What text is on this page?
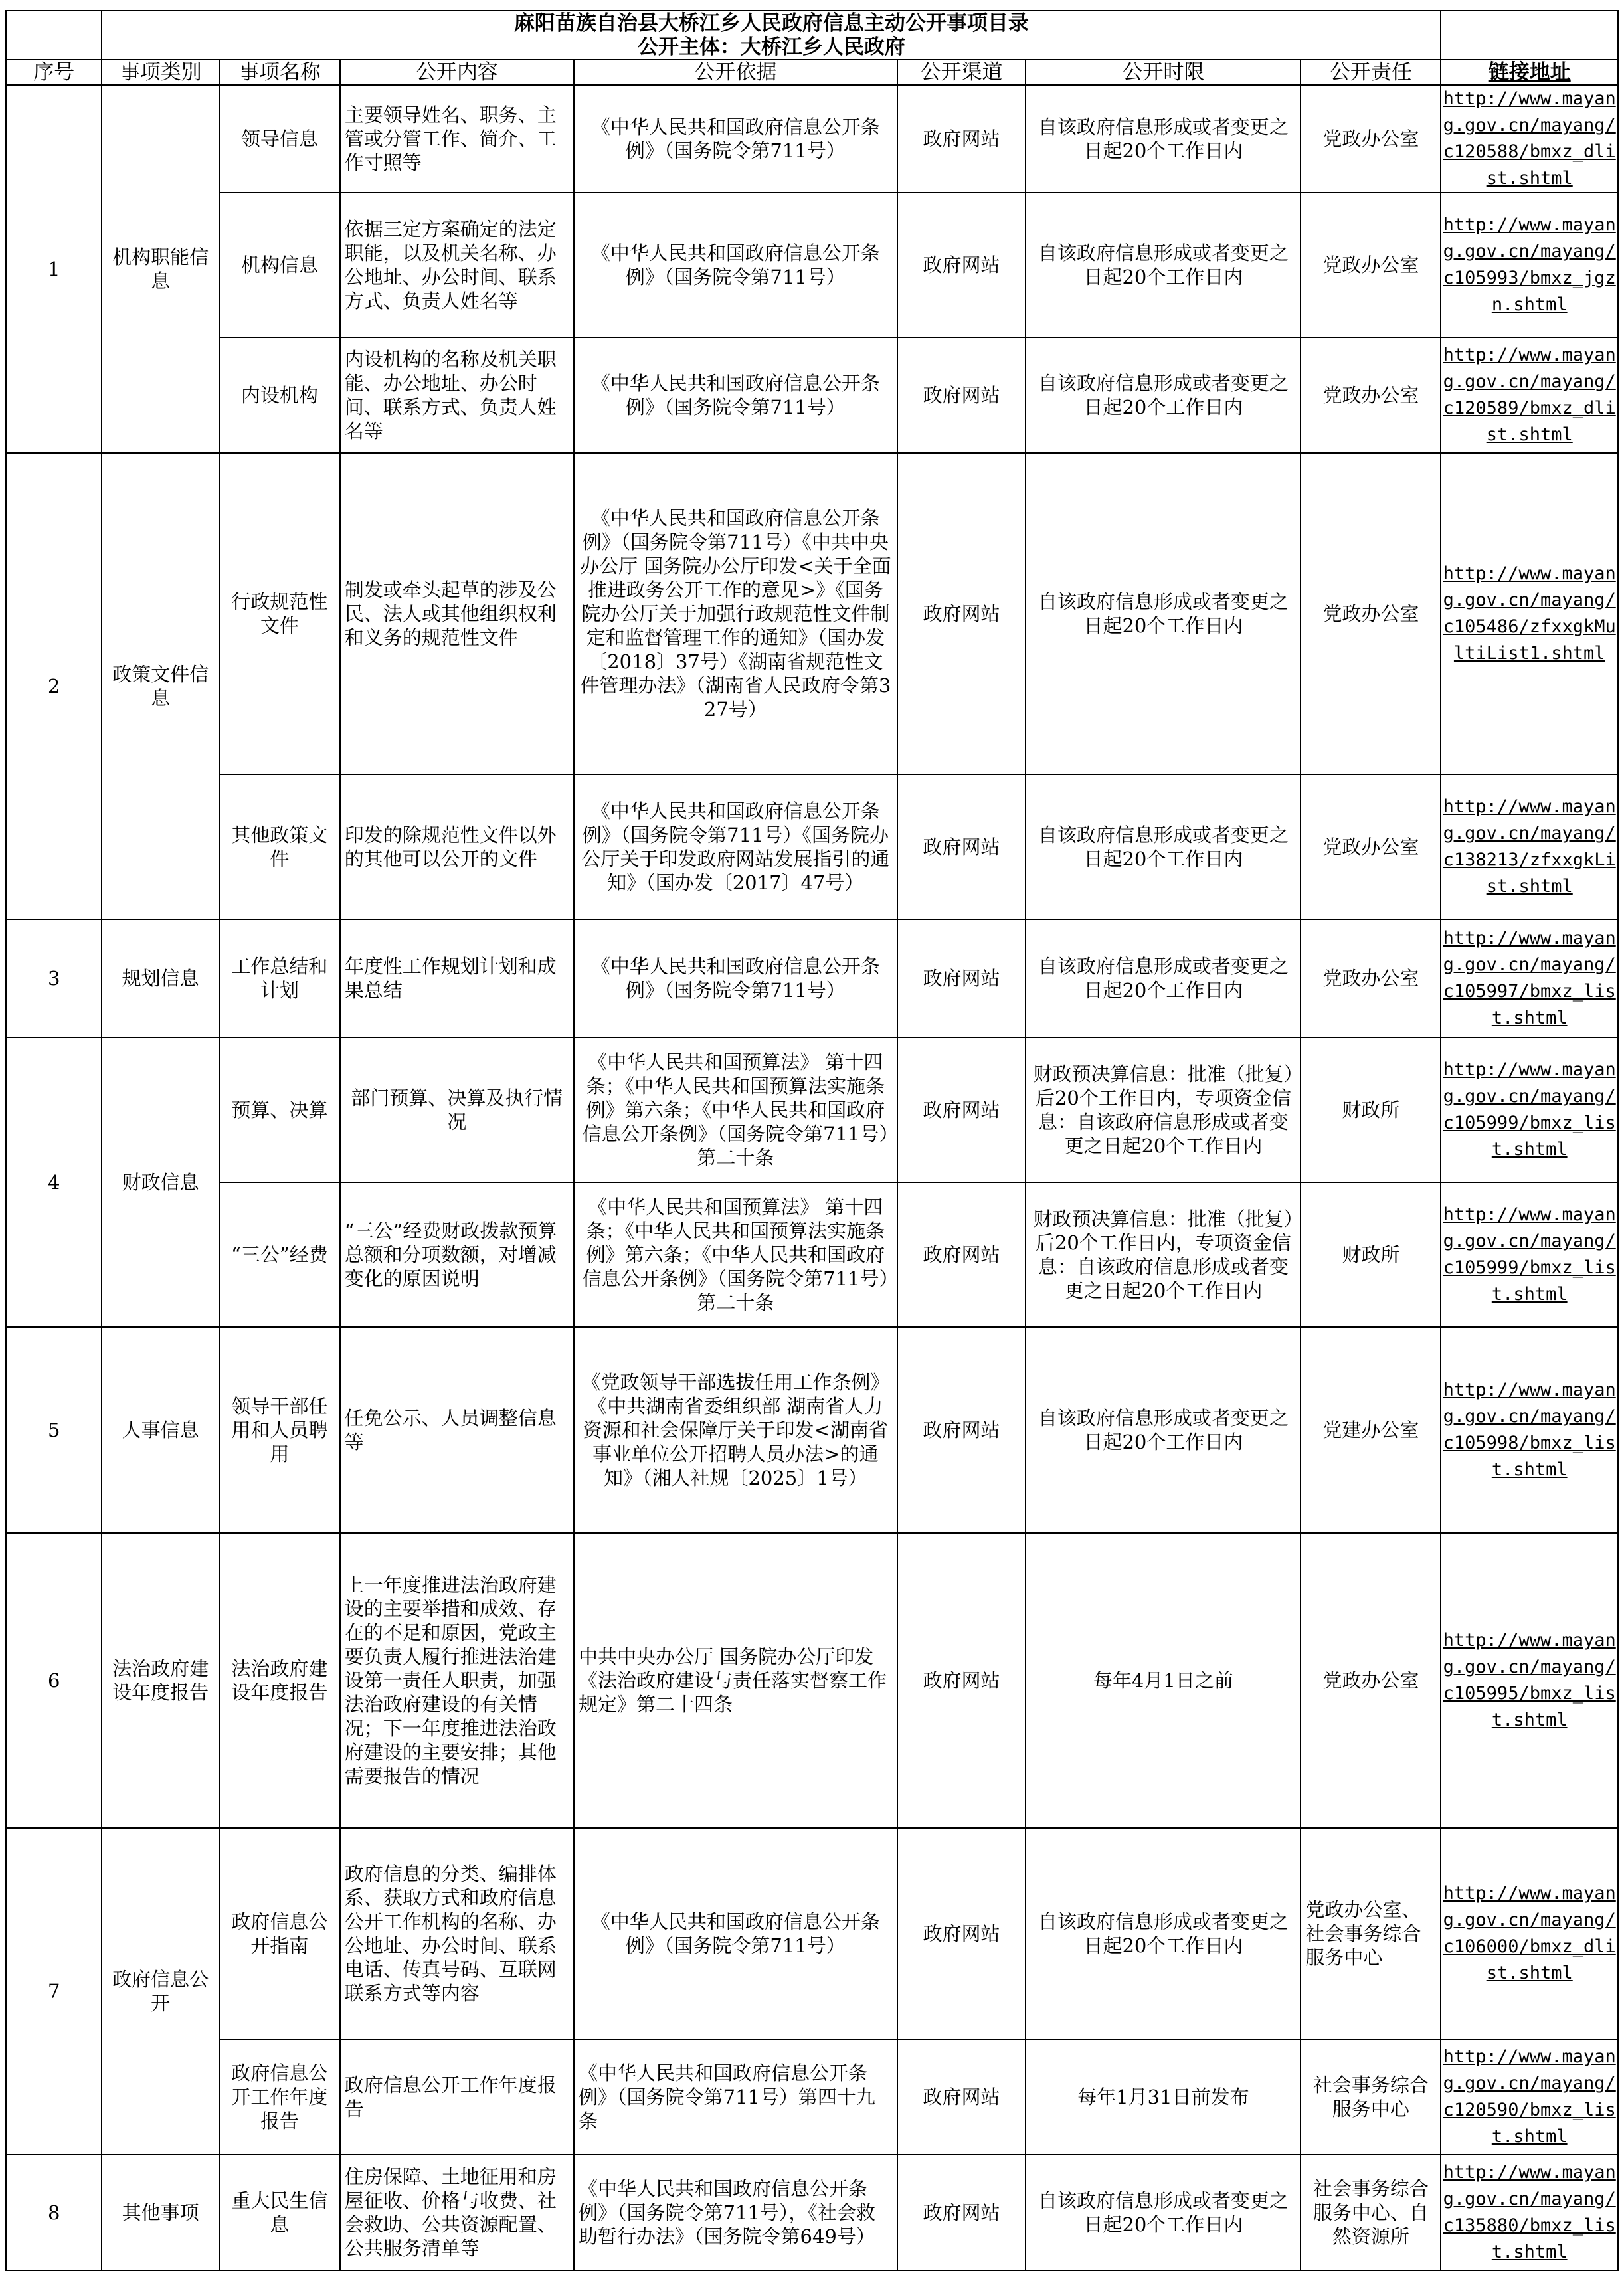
	麻阳苗族自治县大桥江乡人民政府信息主动公开事项目录							
	公开主体：大桥江乡人民政府							
序号	事项类别	事项名称	公开内容	公开依据	公开渠道	公开时限	公开责任	链接地址
1	机构职能信息	领导信息	主要领导姓名、职务、主管或分管工作、简介、工作寸照等	《中华人民共和国政府信息公开条例》（国务院令第711号）	政府网站	自该政府信息形成或者变更之日起20个工作日内	党政办公室	http://www.mayang.gov.cn/mayang/c120588/bmxz_dlist.shtml
		机构信息	依据三定方案确定的法定职能，以及机关名称、办公地址、办公时间、联系方式、负责人姓名等	《中华人民共和国政府信息公开条例》（国务院令第711号）	政府网站	自该政府信息形成或者变更之日起20个工作日内	党政办公室	http://www.mayang.gov.cn/mayang/c105993/bmxz_jgzn.shtml
		内设机构	内设机构的名称及机关职能、办公地址、办公时间、联系方式、负责人姓名等	《中华人民共和国政府信息公开条例》（国务院令第711号）	政府网站	自该政府信息形成或者变更之日起20个工作日内	党政办公室	http://www.mayang.gov.cn/mayang/c120589/bmxz_dlist.shtml
2	政策文件信息	行政规范性文件	制发或牵头起草的涉及公民、法人或其他组织权利和义务的规范性文件	《中华人民共和国政府信息公开条例》（国务院令第711号）《中共中央办公厅 国务院办公厅印发<关于全面推进政务公开工作的意见>》《国务院办公厅关于加强行政规范性文件制定和监督管理工作的通知》（国办发〔2018〕37号）《湖南省规范性文件管理办法》（湖南省人民政府令第327号）	政府网站	自该政府信息形成或者变更之日起20个工作日内	党政办公室	http://www.mayang.gov.cn/mayang/c105486/zfxxgkMultiList1.shtml
		其他政策文件	印发的除规范性文件以外的其他可以公开的文件	《中华人民共和国政府信息公开条例》（国务院令第711号）《国务院办公厅关于印发政府网站发展指引的通知》（国办发〔2017〕47号）	政府网站	自该政府信息形成或者变更之日起20个工作日内	党政办公室	http://www.mayang.gov.cn/mayang/c138213/zfxxgkList.shtml
3	规划信息	工作总结和计划	年度性工作规划计划和成果总结	《中华人民共和国政府信息公开条例》（国务院令第711号）	政府网站	自该政府信息形成或者变更之日起20个工作日内	党政办公室	http://www.mayang.gov.cn/mayang/c105997/bmxz_list.shtml
4	财政信息	预算、决算	部门预算、决算及执行情况	《中华人民共和国预算法》 第十四条；《中华人民共和国预算法实施条例》第六条；《中华人民共和国政府信息公开条例》（国务院令第711号）第二十条	政府网站	财政预决算信息：批准（批复）后20个工作日内，专项资金信息：自该政府信息形成或者变更之日起20个工作日内	财政所	http://www.mayang.gov.cn/mayang/c105999/bmxz_list.shtml
		“三公”经费	“三公”经费财政拨款预算总额和分项数额，对增减变化的原因说明	《中华人民共和国预算法》 第十四条；《中华人民共和国预算法实施条例》第六条；《中华人民共和国政府信息公开条例》（国务院令第711号）第二十条	政府网站	财政预决算信息：批准（批复）后20个工作日内，专项资金信息：自该政府信息形成或者变更之日起20个工作日内	财政所	http://www.mayang.gov.cn/mayang/c105999/bmxz_list.shtml
5	人事信息	领导干部任用和人员聘用	任免公示、人员调整信息等	《党政领导干部选拔任用工作条例》《中共湖南省委组织部 湖南省人力资源和社会保障厅关于印发<湖南省事业单位公开招聘人员办法>的通知》（湘人社规〔2025〕1号）	政府网站	自该政府信息形成或者变更之日起20个工作日内	党建办公室	http://www.mayang.gov.cn/mayang/c105998/bmxz_list.shtml
6	法治政府建设年度报告	法治政府建设年度报告	上一年度推进法治政府建设的主要举措和成效、存在的不足和原因，党政主要负责人履行推进法治建设第一责任人职责，加强法治政府建设的有关情况；下一年度推进法治政府建设的主要安排；其他需要报告的情况	中共中央办公厅 国务院办公厅印发《法治政府建设与责任落实督察工作规定》第二十四条	政府网站	每年4月1日之前	党政办公室	http://www.mayang.gov.cn/mayang/c105995/bmxz_list.shtml
7	政府信息公开	政府信息公开指南	政府信息的分类、编排体系、获取方式和政府信息公开工作机构的名称、办公地址、办公时间、联系电话、传真号码、互联网联系方式等内容	《中华人民共和国政府信息公开条例》（国务院令第711号）	政府网站	自该政府信息形成或者变更之日起20个工作日内	党政办公室、社会事务综合服务中心	http://www.mayang.gov.cn/mayang/c106000/bmxz_dlist.shtml
		政府信息公开工作年度报告	政府信息公开工作年度报告	《中华人民共和国政府信息公开条例》（国务院令第711号）第四十九条	政府网站	每年1月31日前发布	社会事务综合服务中心	http://www.mayang.gov.cn/mayang/c120590/bmxz_list.shtml
8	其他事项	重大民生信息	住房保障、土地征用和房屋征收、价格与收费、社会救助、公共资源配置、公共服务清单等	《中华人民共和国政府信息公开条例》（国务院令第711号），《社会救助暂行办法》（国务院令第649号）	政府网站	自该政府信息形成或者变更之日起20个工作日内	社会事务综合服务中心、自然资源所	http://www.mayang.gov.cn/mayang/c135880/bmxz_list.shtml
